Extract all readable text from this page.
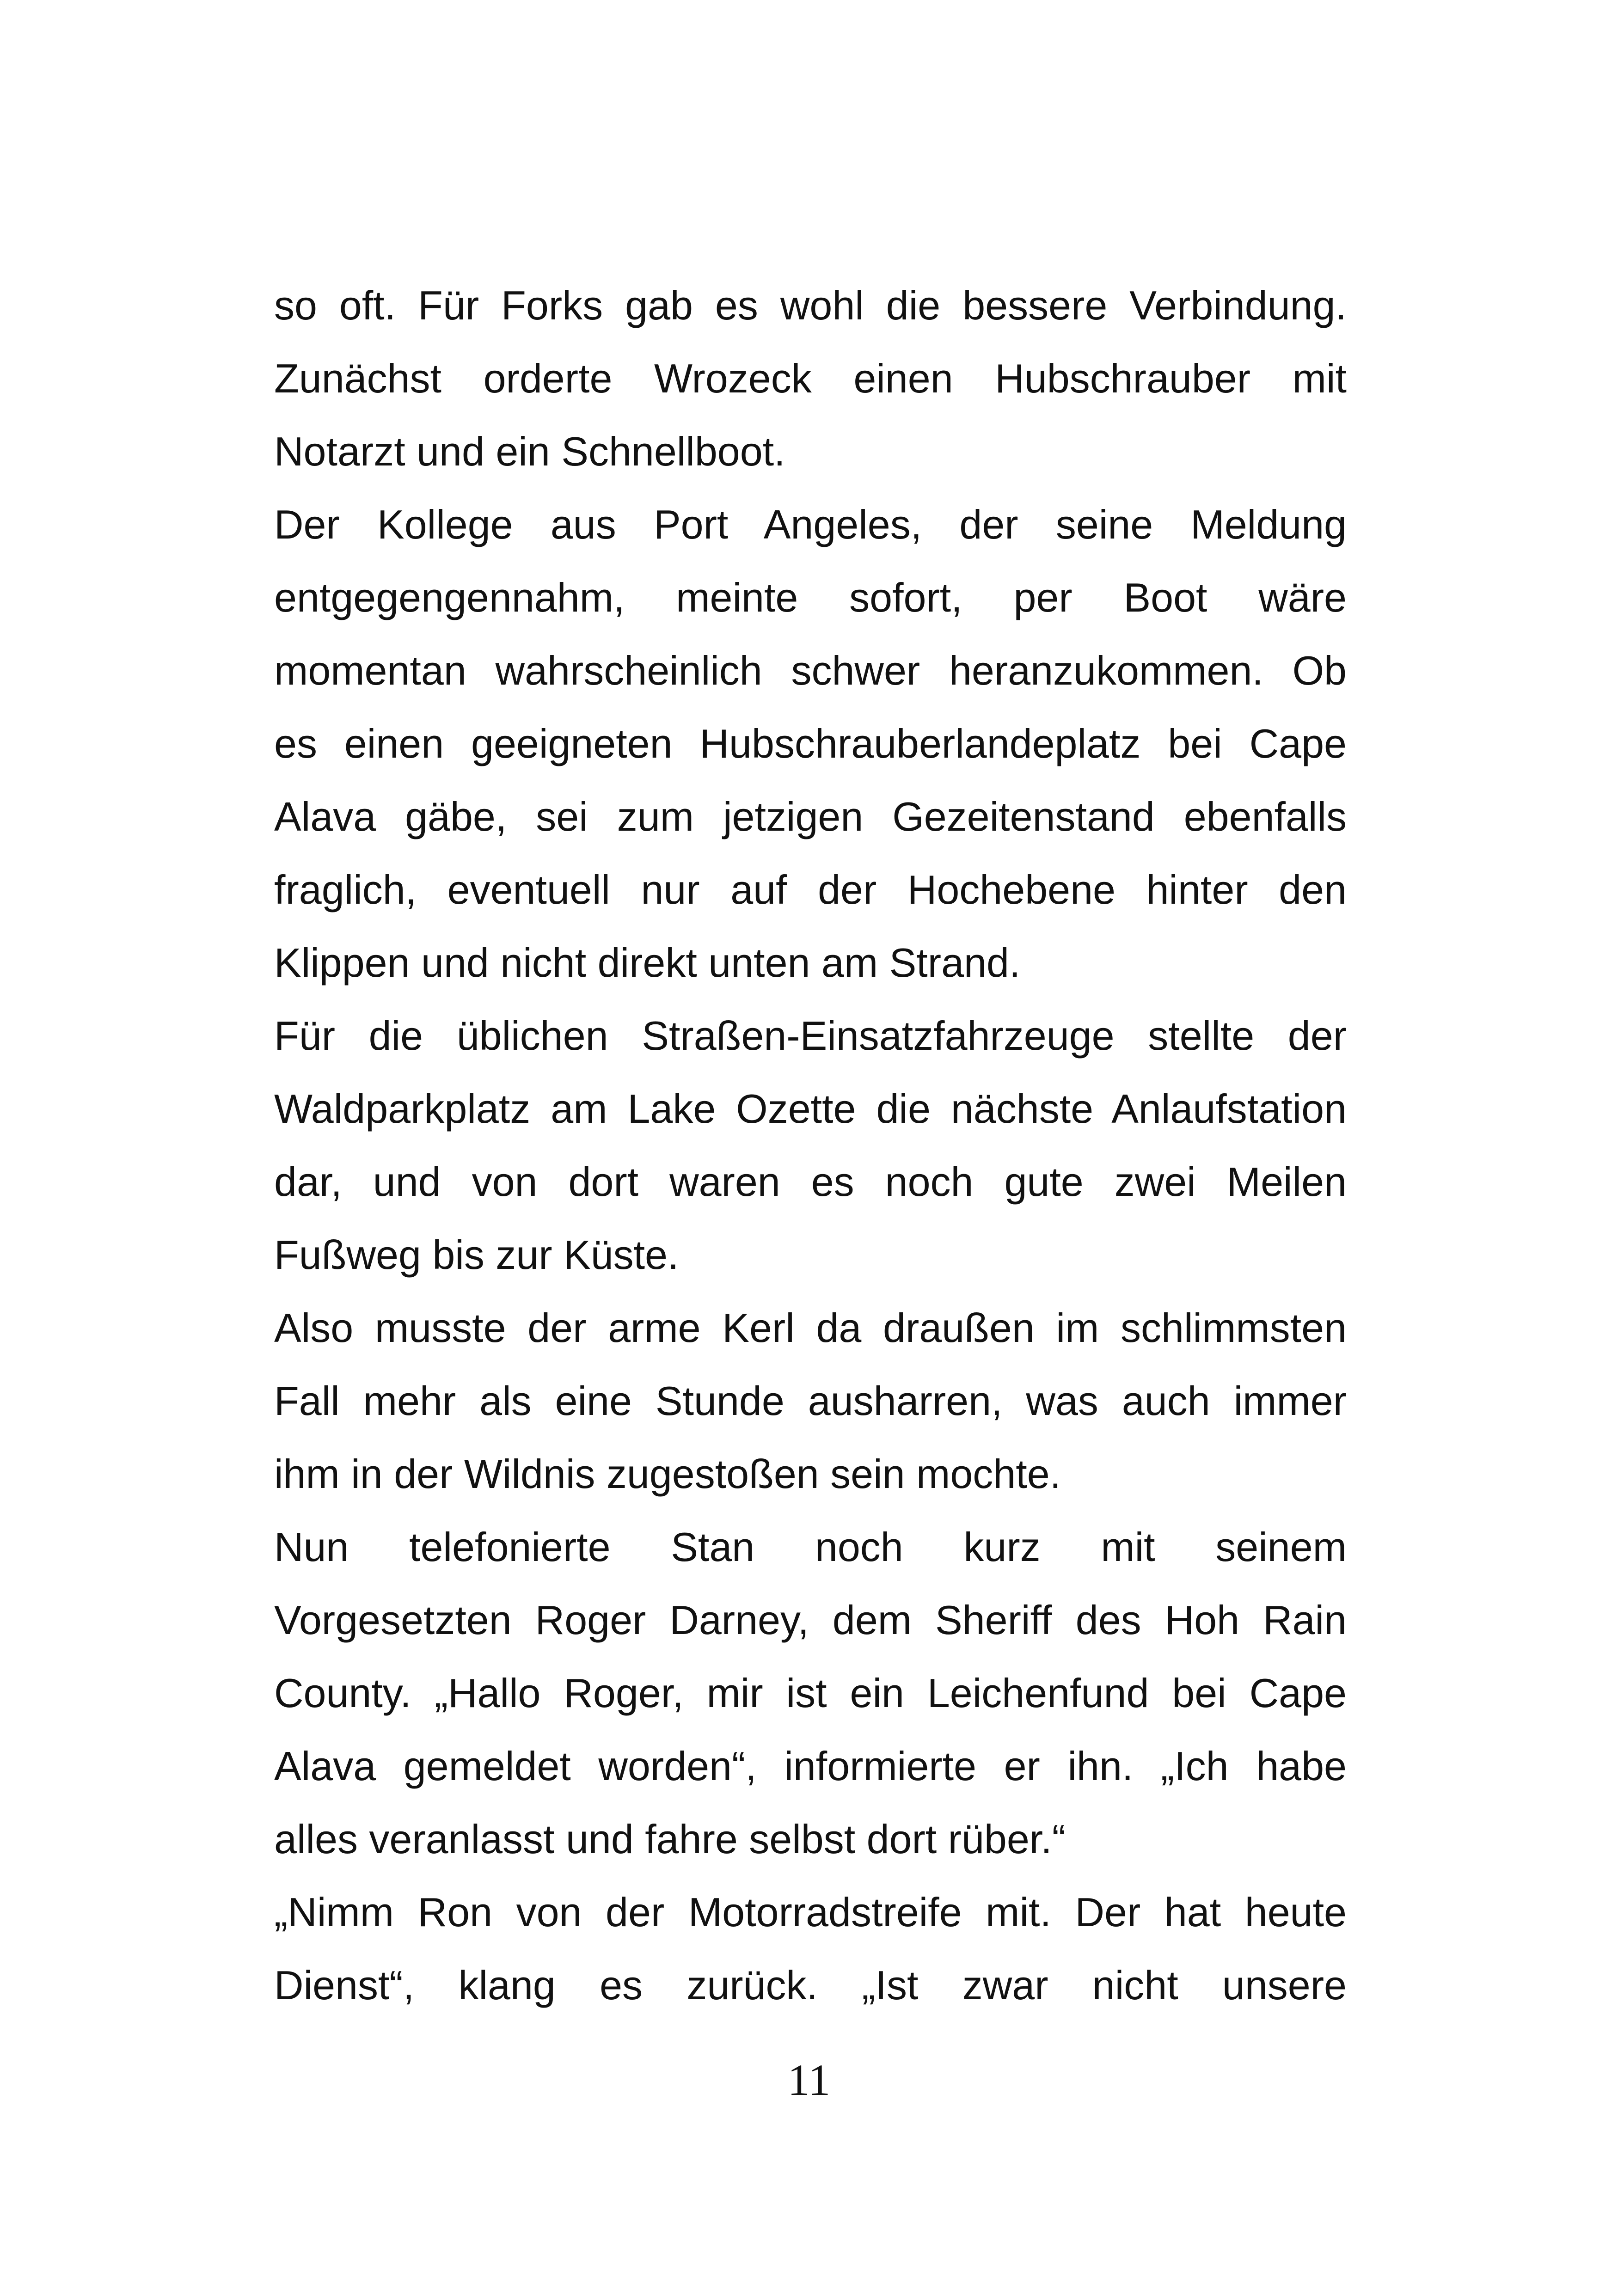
so oft. Für Forks gab es wohl die bessere Verbindung.
Zunächst orderte Wrozeck einen Hubschrauber mit
Notarzt und ein Schnellboot.

Der Kollege aus Port Angeles, der seine Meldung
entgegengennahm, meinte sofort, per Boot wäre
momentan wahrscheinlich schwer heranzukommen. Ob
es einen geeigneten Hubschrauberlandeplatz bei Cape
Alava gäbe, sei zum jetzigen Gezeitenstand ebenfalls
fraglich, eventuell nur auf der Hochebene hinter den
Klippen und nicht direkt unten am Strand.

Für die üblichen Straßen-Einsatzfahrzeuge stellte der
Waldparkplatz am Lake Ozette die nächste Anlaufstation
dar, und von dort waren es noch gute zwei Meilen
Fußweg bis zur Küste.

Also musste der arme Kerl da draußen im schlimmsten
Fall mehr als eine Stunde ausharren, was auch immer
ihm in der Wildnis zugestoßen sein mochte.

Nun telefonierte Stan noch kurz mit seinem
Vorgesetzten Roger Darney, dem Sheriff des Hoh Rain
County. „Hallo Roger, mir ist ein Leichenfund bei Cape
Alava gemeldet worden“, informierte er ihn. „Ich habe
alles veranlasst und fahre selbst dort rüber.“

„Nimm Ron von der Motorradstreife mit. Der hat heute
Dienst“, klang es zurück. „Ist zwar nicht unsere

11
